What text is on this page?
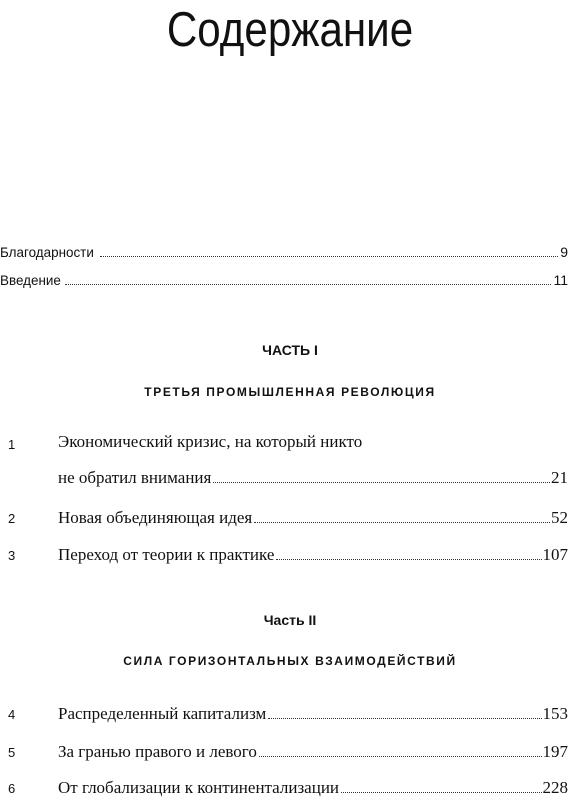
Содержание
Благодарности	9
Введение	11
ЧАСТЬ I
ТРЕТЬЯ ПРОМЫШЛЕННАЯ РЕВОЛЮЦИЯ
1	Экономический кризис, на который никто
не обратил внимания	21
2	Новая объединяющая идея	52
3	Переход от теории к практике	107
Часть II
СИЛА ГОРИЗОНТАЛЬНЫХ ВЗАИМОДЕЙСТВИЙ
4	Распределенный капитализм	153
5	За гранью правого и левого	197
6	От глобализации к континентализации	228
